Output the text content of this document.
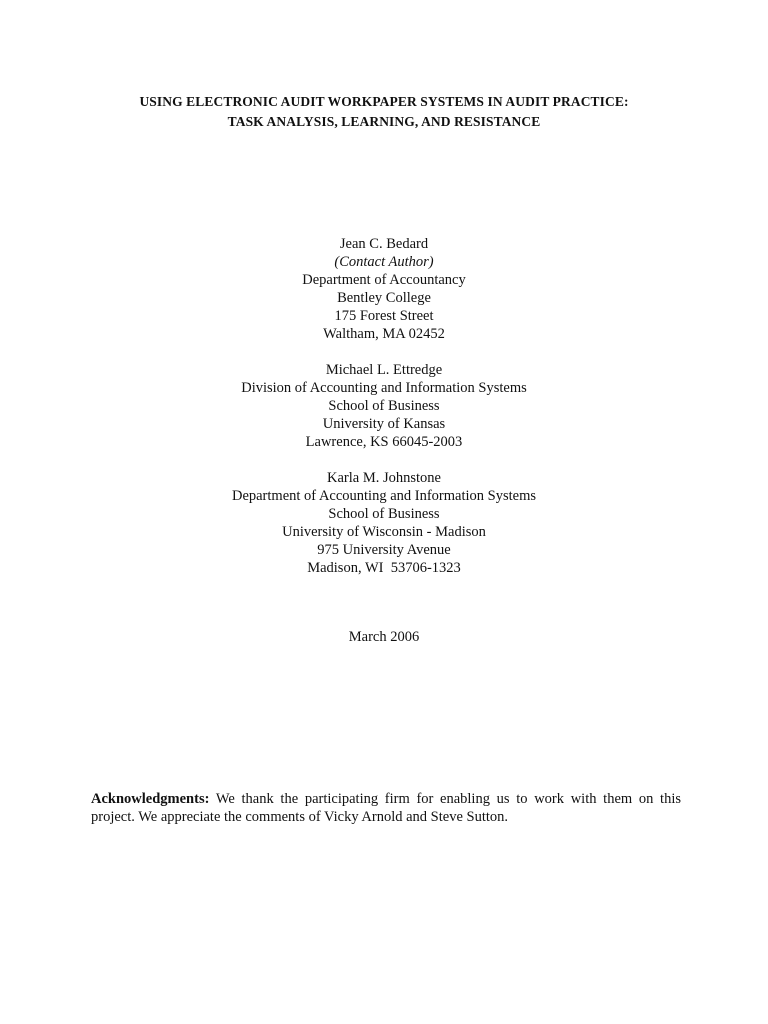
USING ELECTRONIC AUDIT WORKPAPER SYSTEMS IN AUDIT PRACTICE:
TASK ANALYSIS, LEARNING, AND RESISTANCE
Jean C. Bedard
(Contact Author)
Department of Accountancy
Bentley College
175 Forest Street
Waltham, MA 02452
Michael L. Ettredge
Division of Accounting and Information Systems
School of Business
University of Kansas
Lawrence, KS 66045-2003
Karla M. Johnstone
Department of Accounting and Information Systems
School of Business
University of Wisconsin - Madison
975 University Avenue
Madison, WI  53706-1323
March 2006
Acknowledgments: We thank the participating firm for enabling us to work with them on this project. We appreciate the comments of Vicky Arnold and Steve Sutton.
